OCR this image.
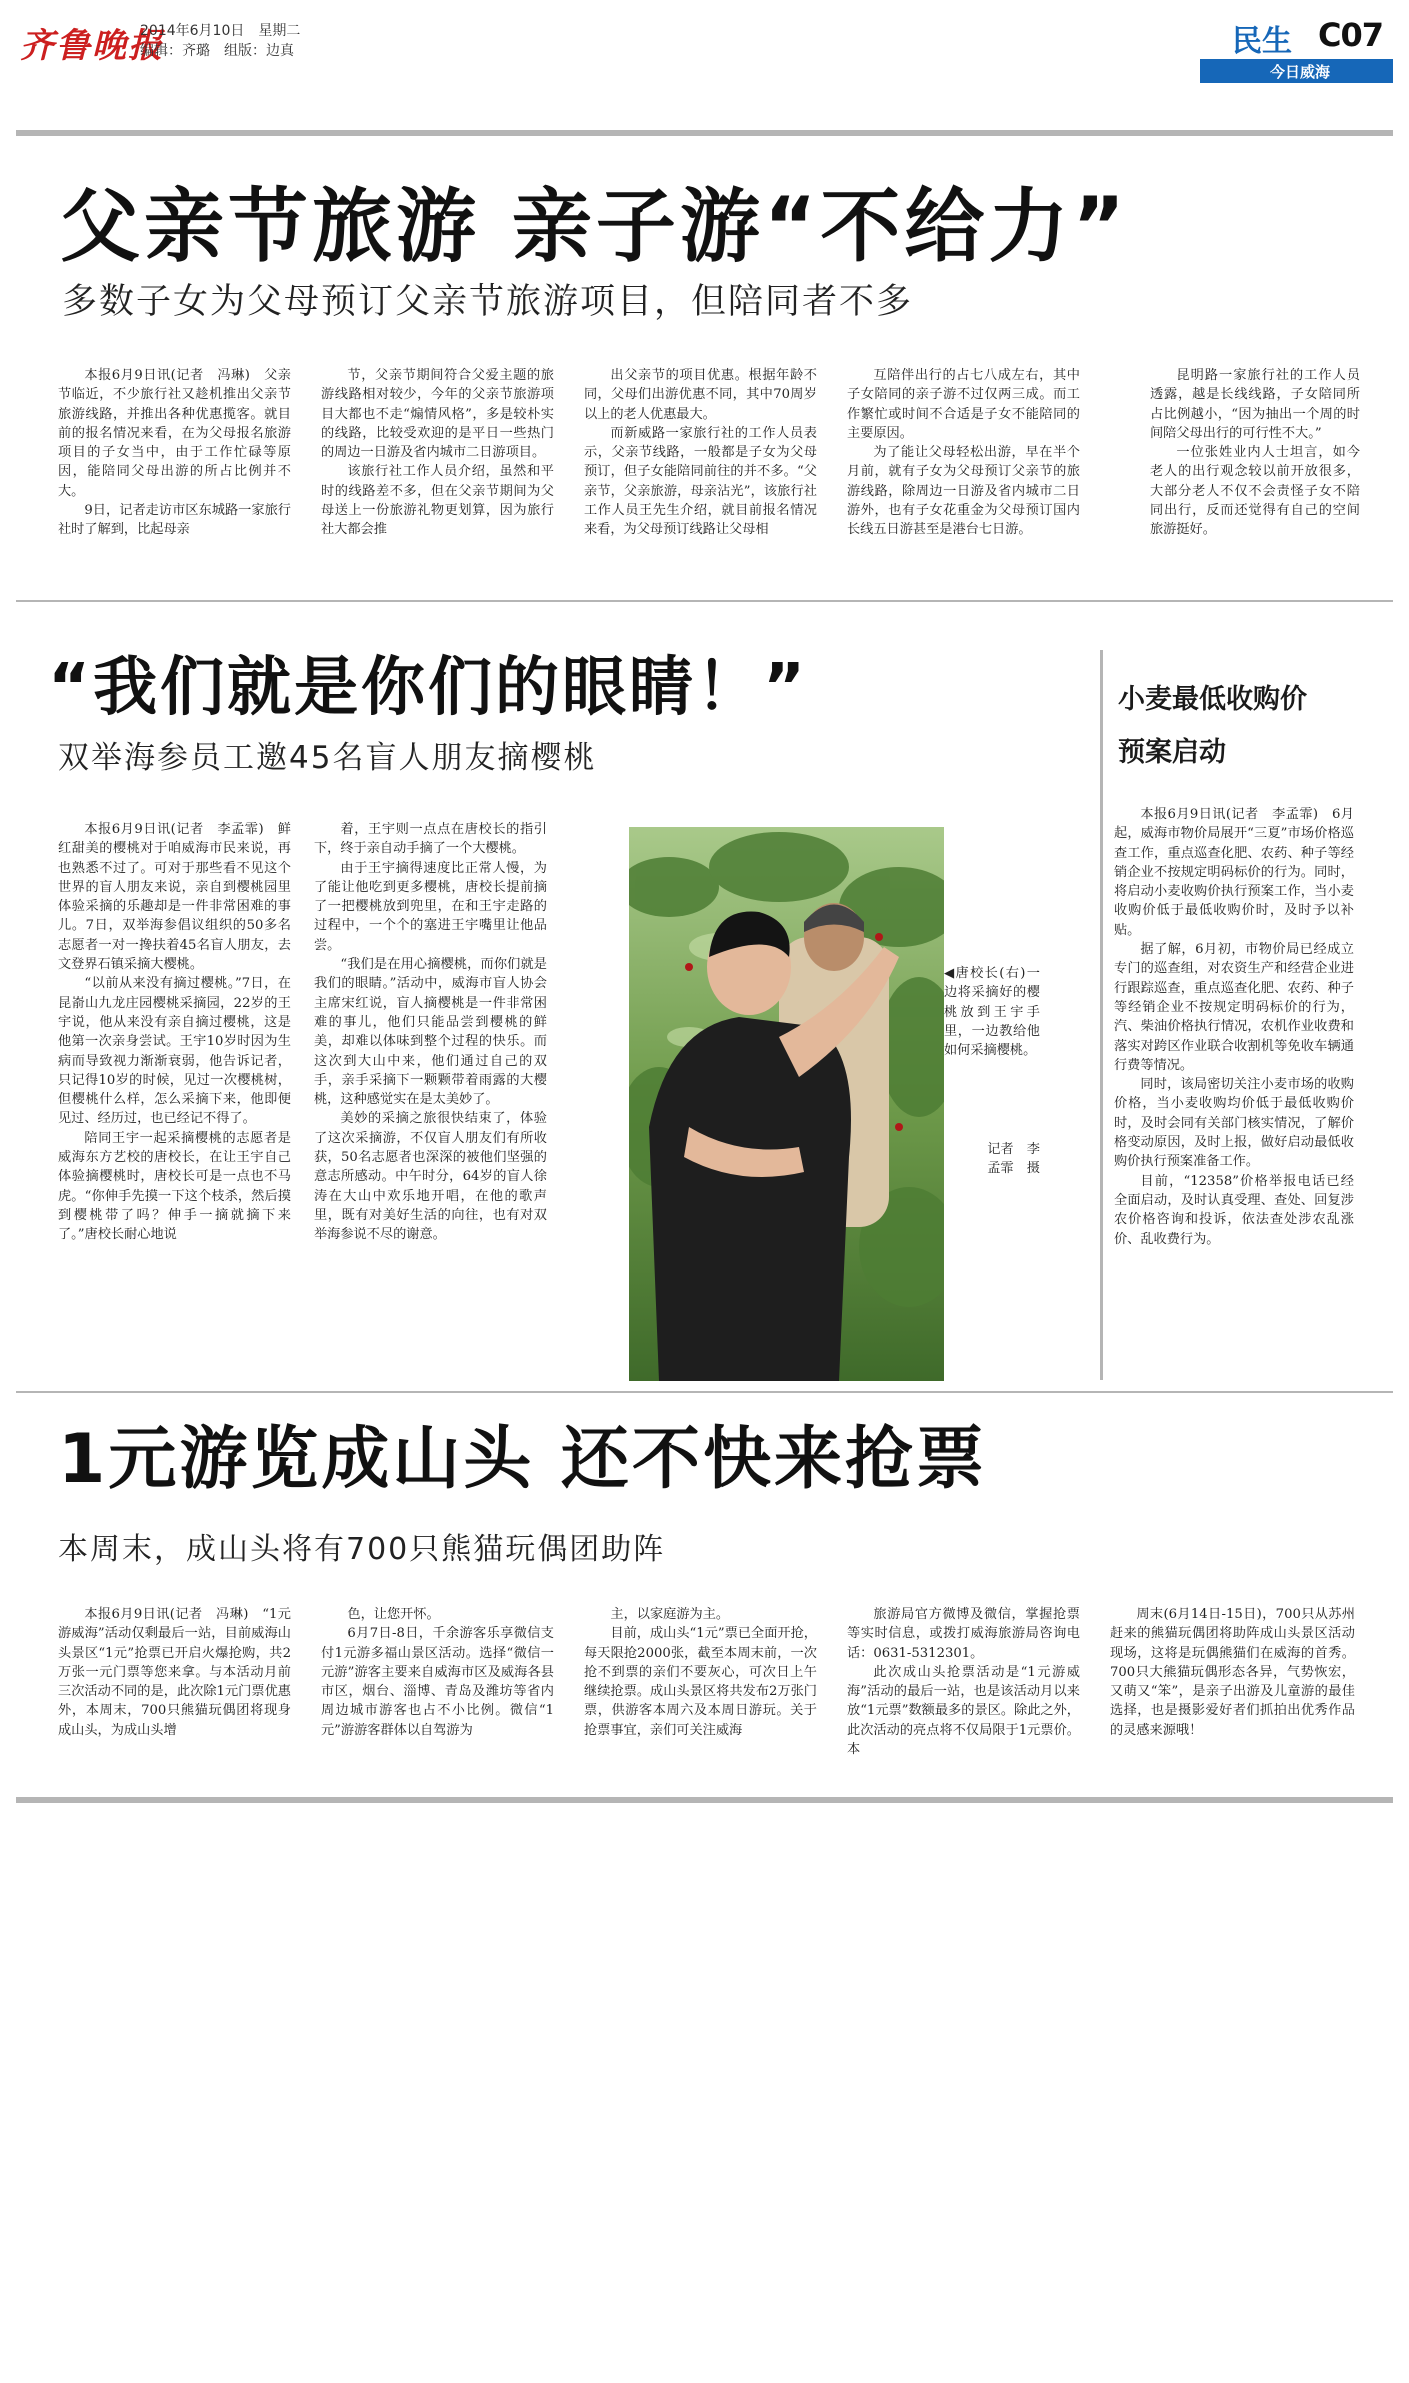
齐鲁晚报
2014年6月10日　星期二
编辑：齐璐　组版：边真	民生 C07
今日威海
父亲节旅游 亲子游“不给力”
多数子女为父母预订父亲节旅游项目，但陪同者不多

本报6月9日讯(记者　冯琳)　父亲节临近，不少旅行社又趁机推出父亲节旅游线路，并推出各种优惠揽客。就目前的报名情况来看，在为父母报名旅游项目的子女当中，由于工作忙碌等原因，能陪同父母出游的所占比例并不大。

9日，记者走访市区东城路一家旅行社时了解到，比起母亲

节，父亲节期间符合父爱主题的旅游线路相对较少，今年的父亲节旅游项目大都也不走“煽情风格”，多是较朴实的线路，比较受欢迎的是平日一些热门的周边一日游及省内城市二日游项目。

该旅行社工作人员介绍，虽然和平时的线路差不多，但在父亲节期间为父母送上一份旅游礼物更划算，因为旅行社大都会推

出父亲节的项目优惠。根据年龄不同，父母们出游优惠不同，其中70周岁以上的老人优惠最大。

而新威路一家旅行社的工作人员表示，父亲节线路，一般都是子女为父母预订，但子女能陪同前往的并不多。“父亲节，父亲旅游，母亲沾光”，该旅行社工作人员王先生介绍，就目前报名情况来看，为父母预订线路让父母相

互陪伴出行的占七八成左右，其中子女陪同的亲子游不过仅两三成。而工作繁忙或时间不合适是子女不能陪同的主要原因。

为了能让父母轻松出游，早在半个月前，就有子女为父母预订父亲节的旅游线路，除周边一日游及省内城市二日游外，也有子女花重金为父母预订国内长线五日游甚至是港台七日游。

昆明路一家旅行社的工作人员透露，越是长线线路，子女陪同所占比例越小，“因为抽出一个周的时间陪父母出行的可行性不大。”

一位张姓业内人士坦言，如今老人的出行观念较以前开放很多，大部分老人不仅不会责怪子女不陪同出行，反而还觉得有自己的空间旅游挺好。

“我们就是你们的眼睛！”
双举海参员工邀45名盲人朋友摘樱桃

本报6月9日讯(记者　李孟霏)　鲜红甜美的樱桃对于咱威海市民来说，再也熟悉不过了。可对于那些看不见这个世界的盲人朋友来说，亲自到樱桃园里体验采摘的乐趣却是一件非常困难的事儿。7日，双举海参倡议组织的50多名志愿者一对一搀扶着45名盲人朋友，去文登界石镇采摘大樱桃。

“以前从来没有摘过樱桃。”7日，在昆嵛山九龙庄园樱桃采摘园，22岁的王宇说，他从来没有亲自摘过樱桃，这是他第一次亲身尝试。王宇10岁时因为生病而导致视力渐渐衰弱，他告诉记者，只记得10岁的时候，见过一次樱桃树，但樱桃什么样，怎么采摘下来，他即便见过、经历过，也已经记不得了。

陪同王宇一起采摘樱桃的志愿者是威海东方艺校的唐校长，在让王宇自己体验摘樱桃时，唐校长可是一点也不马虎。“你伸手先摸一下这个枝杀，然后摸到樱桃带了吗？伸手一摘就摘下来了。”唐校长耐心地说

着，王宇则一点点在唐校长的指引下，终于亲自动手摘了一个大樱桃。

由于王宇摘得速度比正常人慢，为了能让他吃到更多樱桃，唐校长提前摘了一把樱桃放到兜里，在和王宇走路的过程中，一个个的塞进王宇嘴里让他品尝。

“我们是在用心摘樱桃，而你们就是我们的眼睛。”活动中，威海市盲人协会主席宋红说，盲人摘樱桃是一件非常困难的事儿，他们只能品尝到樱桃的鲜美，却难以体味到整个过程的快乐。而这次到大山中来，他们通过自己的双手，亲手采摘下一颗颗带着雨露的大樱桃，这种感觉实在是太美妙了。

美妙的采摘之旅很快结束了，体验了这次采摘游，不仅盲人朋友们有所收获，50名志愿者也深深的被他们坚强的意志所感动。中午时分，64岁的盲人徐涛在大山中欢乐地开唱，在他的歌声里，既有对美好生活的向往，也有对双举海参说不尽的谢意。

◀唐校长(右)一边将采摘好的樱桃放到王宇手里，一边教给他如何采摘樱桃。
记者　李孟霏　摄
小麦最低收购价
预案启动

本报6月9日讯(记者　李孟霏)　6月起，威海市物价局展开“三夏”市场价格巡查工作，重点巡查化肥、农药、种子等经销企业不按规定明码标价的行为。同时，将启动小麦收购价执行预案工作，当小麦收购价低于最低收购价时，及时予以补贴。

据了解，6月初，市物价局已经成立专门的巡查组，对农资生产和经营企业进行跟踪巡查，重点巡查化肥、农药、种子等经销企业不按规定明码标价的行为，汽、柴油价格执行情况，农机作业收费和落实对跨区作业联合收割机等免收车辆通行费等情况。

同时，该局密切关注小麦市场的收购价格，当小麦收购均价低于最低收购价时，及时会同有关部门核实情况，了解价格变动原因，及时上报，做好启动最低收购价执行预案准备工作。

目前，“12358”价格举报电话已经全面启动，及时认真受理、查处、回复涉农价格咨询和投诉，依法查处涉农乱涨价、乱收费行为。

1元游览成山头 还不快来抢票
本周末，成山头将有700只熊猫玩偶团助阵

本报6月9日讯(记者　冯琳)　“1元游威海”活动仅剩最后一站，目前威海山头景区“1元”抢票已开启火爆抢购，共2万张一元门票等您来拿。与本活动月前三次活动不同的是，此次除1元门票优惠外，本周末，700只熊猫玩偶团将现身成山头，为成山头增

色，让您开怀。

6月7日-8日，千余游客乐享微信支付1元游多福山景区活动。选择“微信一元游”游客主要来自威海市区及威海各县市区，烟台、淄博、青岛及潍坊等省内周边城市游客也占不小比例。微信“1元”游游客群体以自驾游为

主，以家庭游为主。

目前，成山头“1元”票已全面开抢，每天限抢2000张，截至本周末前，一次抢不到票的亲们不要灰心，可次日上午继续抢票。成山头景区将共发布2万张门票，供游客本周六及本周日游玩。关于抢票事宜，亲们可关注威海

旅游局官方微博及微信，掌握抢票等实时信息，或拨打威海旅游局咨询电话：0631-5312301。

此次成山头抢票活动是“1元游威海”活动的最后一站，也是该活动月以来放“1元票”数额最多的景区。除此之外，此次活动的亮点将不仅局限于1元票价。本

周末(6月14日-15日)，700只从苏州赶来的熊猫玩偶团将助阵成山头景区活动现场，这将是玩偶熊猫们在威海的首秀。700只大熊猫玩偶形态各异，气势恢宏，又萌又“笨”，是亲子出游及儿童游的最佳选择，也是摄影爱好者们抓拍出优秀作品的灵感来源哦！
